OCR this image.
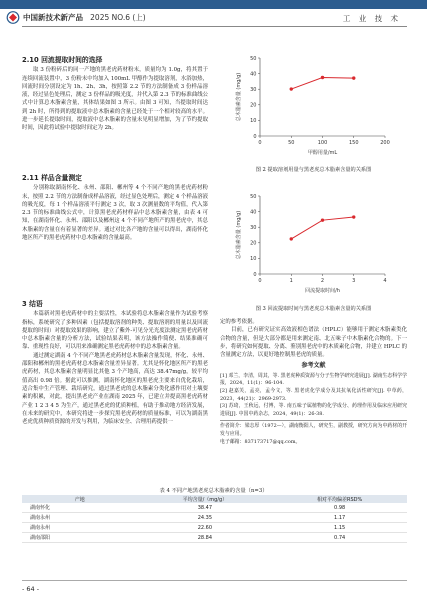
中国新技术新产品 2025 NO.6 (上)	工 业 技 术
2.10 回流提取时间的选择

取 3 份粉碎后的同一产地的黑老虎药材粉末，质量均为 1.0g，将其置于连续回流装置中，3 份粉末中均加入 100mL 甲醇作为提取溶剂，水浴加热，回流时间分别设定为 1h、2h、3h，按照第 2.2 节的方法制备成 3 份样品溶液，经过显色处理后，测定 3 份样品的吸光度，并代入第 2.3 节的标准曲线公式中计算总木脂素含量，其体结果如图 3 所示。由图 3 可知，当提取时间达到 2h 时，所得到的提取液中总木脂素的含量已经处于一个相对较高的水平。进一步延长提取时间，提取液中总木脂素的含量未见明显增加，为了节约提取时间，因此将试验中提取时间定为 2h。

2.11 样品含量测定

分别称取湖南怀化、永州、邵阳、郴州等 4 个不同产地的黑老虎药材粉末，按照 2.2 节的方法制备成样品溶液，经过显色处理后，测定 4 个样品溶液的吸光度，每 1 个样品溶液平行测定 3 次，取 3 次测量数的平均值，代入第 2.3 节的标准曲线公式中，计算黑老虎药材样品中总木脂素含量，由表 4 可知，在湖南怀化、永州、邵阳以及郴州这 4 个不同产地所产的黑老虎中，其总木脂素的含量在有着显著的差异。通过对比各产地的含量可以得出，湖南怀化地区所产的黑老虎药材中总木脂素的含量最高。

3 结语

本篇新对黑老虎药材中的主要活性，本试验将总木脂素含量作为试验考察指标，系统研究了多种因素（包括提取溶剂的种类、提取溶剂的用量以及回流提取的时间）对提取效果的影响，建立了紫外-可见分光光度法测定黑老虎药材中总木脂素含量的分析方法，试验结果表明，该方法操作简便、结果准确可靠、重现性良好，可以用来准确测定黑老虎药材中的总木脂素含量。

通过测定湖南 4 个不同产地黑老虎药材总木脂素含量发现，怀化、永州、邵阳和郴州的黑老虎药材总木脂素含量差异显著。尤其是怀化地区所产的黑老虎药材，其总木脂素含量明显比其他 3 个产地高，高达 38.47mg/g，较平均值高出 0.98 倍。据此可以推测，湖南怀化地区的黑老虎主要来自优化栽培，适合集中生产管理、栽培研究，通过黑老虎的总木脂素分类化感作用对土壤要素的积累，对此，提出黑老虎产业在湖南 2025 年，已建立并提高黑老虎药材产业 1 2 3 4 5 为生产，通过黑老虎的优质种植，有助于推动地方经济发展，在未来的研究中，本研究将进一步探究黑老虎药材的质量标准，可以为湖南黑老虎优质种质资源的开发与利用，为临床安全、合理用药提供一

0
10
20
30
40
50
0	50	100	150	200
甲醇用量/mL
总木脂素含量 (mg/g)
图 2 提取溶剂用量与黑老虎总木脂素含量的关系图
0
10
20
30
40
50
0	1	2	3	4
回流提取时间/h
总木脂素含量 (mg/g)
图 3 回流提取时间与黑老虎总木脂素含量的关系图

定的参考依据。

目前，已有研究证实高效液相色谱法（HPLC）能够用于测定木脂素类化合物的含量，但是大部分都是用来测定南、北五味子中木脂素化合物的。下一步，将研究如何提取、分离、鉴别黑老虎中的木质素化合物，并建立 HPLC 的含量测定方法，以更好地控制黑老虎的质量。

参考文献
[1] 邓兰，李清，周其，等. 黑老虎种质资源与分子生物学研究进展[J]. 湖南生态科学学报，2024，11(1)：96-104.
[2] 赵嘉芙，孟亮，孟今文，等. 黑老虎化学成分及其抗氧化活性研究[J]. 中草药，2023，44(21)：2969-2973.
[3] 苏琦，王秋远，付博，等. 南五味子属植物的化学成分、药理作用及临床应用研究进展[J]. 中国中药杂志，2024，49(1)：26-38.
作者简介：梁志厚（1972—），湖南衡阳人，研究生，副教授，研究方向为中药材的开发与应用。
电子邮箱：837173717@qq.com。
表 4 不同产地黑老虎总木脂素的含量（n=3）
产地	平均含量/（mg/g）	相对平均偏差RSD%
湖南怀化	38.47	0.98
湖南永州	24.35	1.17
湖南永州	22.60	1.15
湖南邵阳	28.84	0.74
- 64 -
